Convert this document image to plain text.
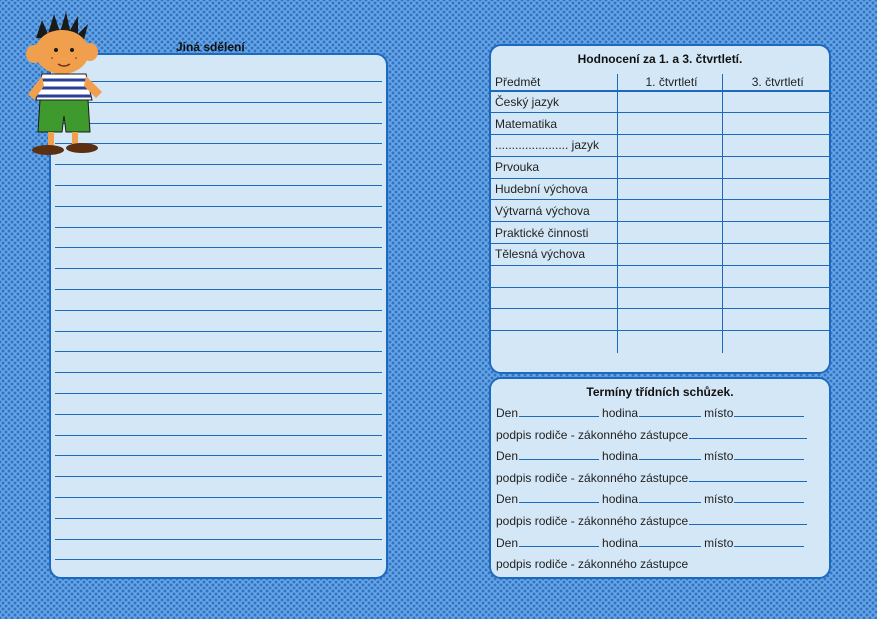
Jiná sdělení
Hodnocení za 1. a 3. čtvrtletí.
Předmět	1. čtvrtletí	3. čtvrtletí
Český jazyk		
Matematika		
...................... jazyk		
Prvouka		
Hudební výchova		
Výtvarná výchova		
Praktické činnosti		
Tělesná výchova		

Termíny třídních schůzek.
Den	hodina	místo
podpis rodiče - zákonného zástupce
Den	hodina	místo
podpis rodiče - zákonného zástupce
Den	hodina	místo
podpis rodiče - zákonného zástupce
Den	hodina	místo
podpis rodiče - zákonného zástupce
